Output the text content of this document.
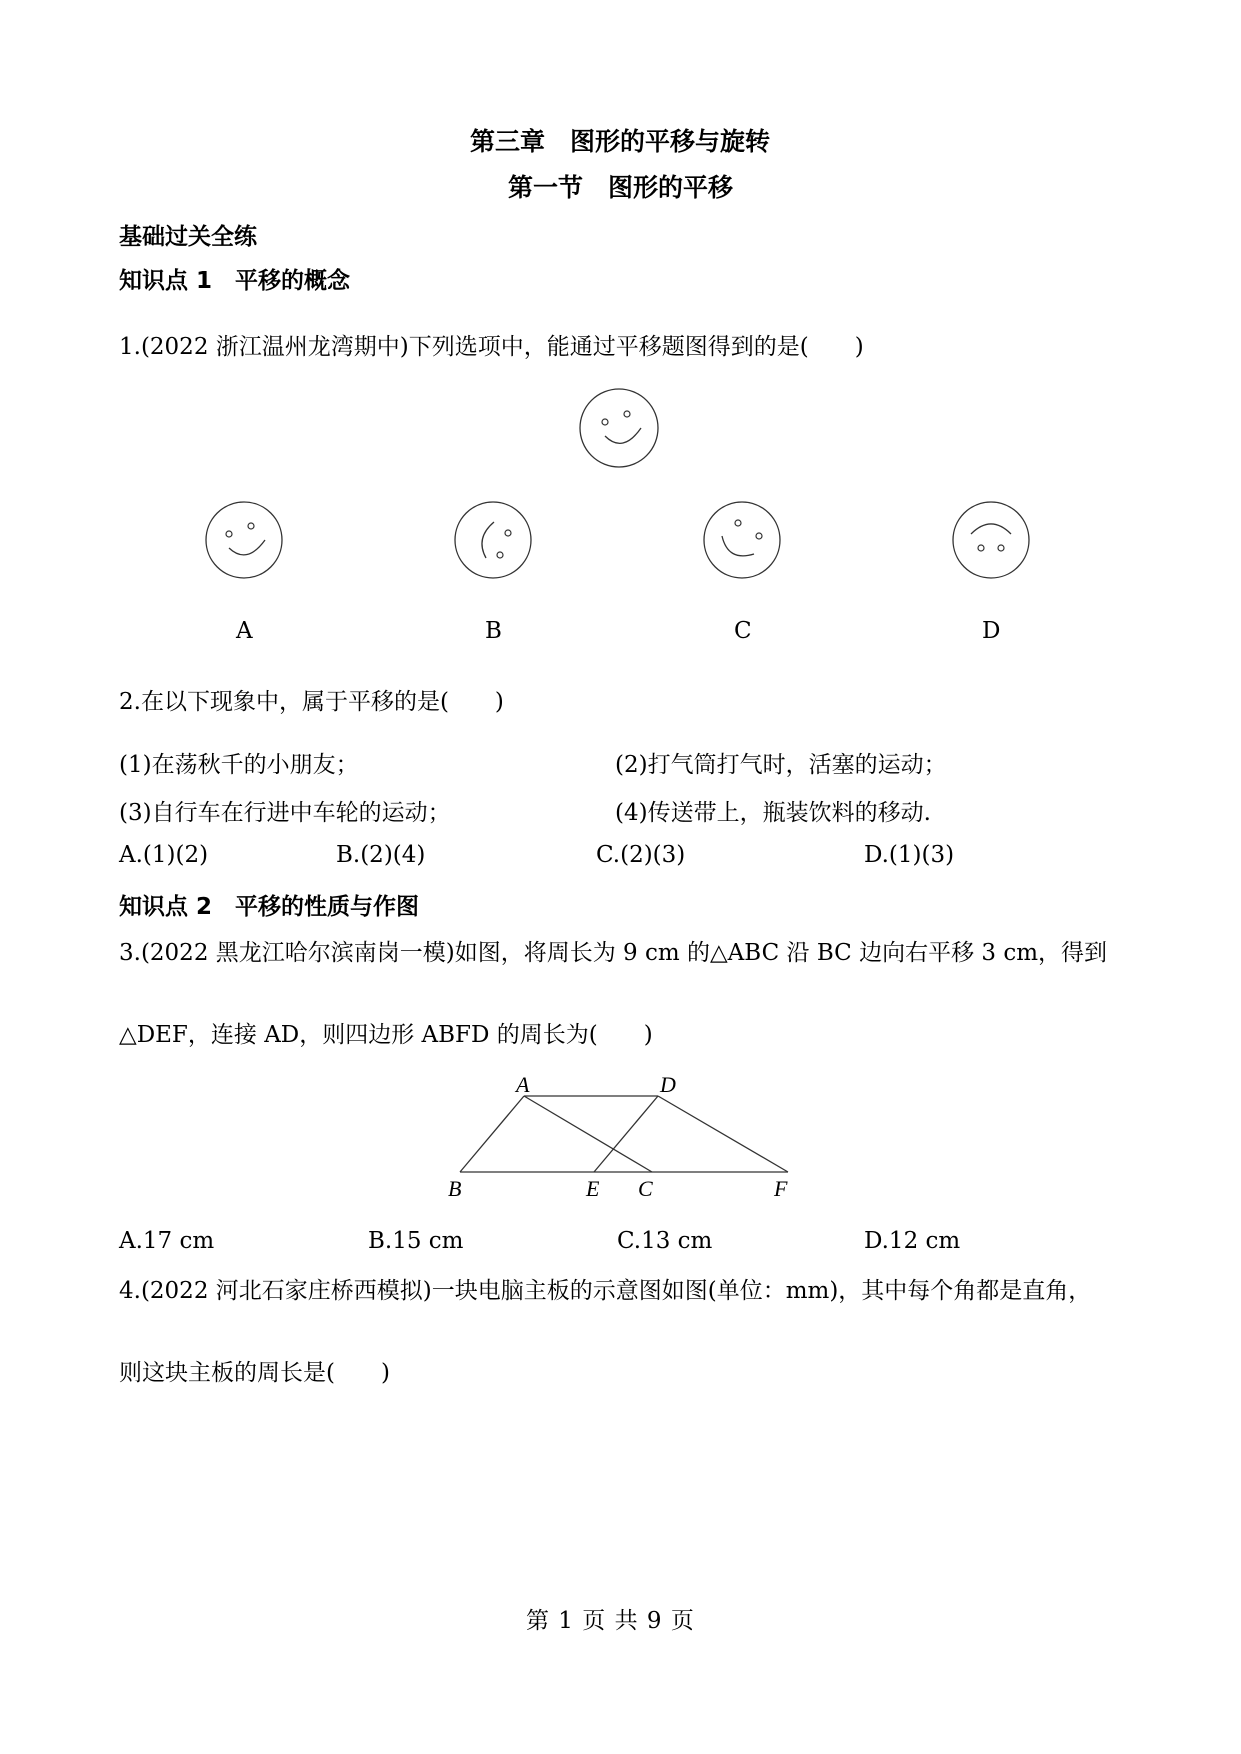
第三章　图形的平移与旋转
第一节　图形的平移
基础过关全练
知识点 1　平移的概念
1.(2022 浙江温州龙湾期中)下列选项中，能通过平移题图得到的是(　　)
A	B	C	D
2.在以下现象中，属于平移的是(　　)
(1)在荡秋千的小朋友；	(2)打气筒打气时，活塞的运动；
(3)自行车在行进中车轮的运动；	(4)传送带上，瓶装饮料的移动.
A.(1)(2)	B.(2)(4)	C.(2)(3)	D.(1)(3)
知识点 2　平移的性质与作图
3.(2022 黑龙江哈尔滨南岗一模)如图，将周长为 9 cm 的△ABC 沿 BC 边向右平移 3 cm，得到
△DEF，连接 AD，则四边形 ABFD 的周长为(　　)
A	D
B	E C	F
A.17 cm	B.15 cm	C.13 cm	D.12 cm
4.(2022 河北石家庄桥西模拟)一块电脑主板的示意图如图(单位：mm)，其中每个角都是直角，
则这块主板的周长是(　　)
第 1 页 共 9 页
